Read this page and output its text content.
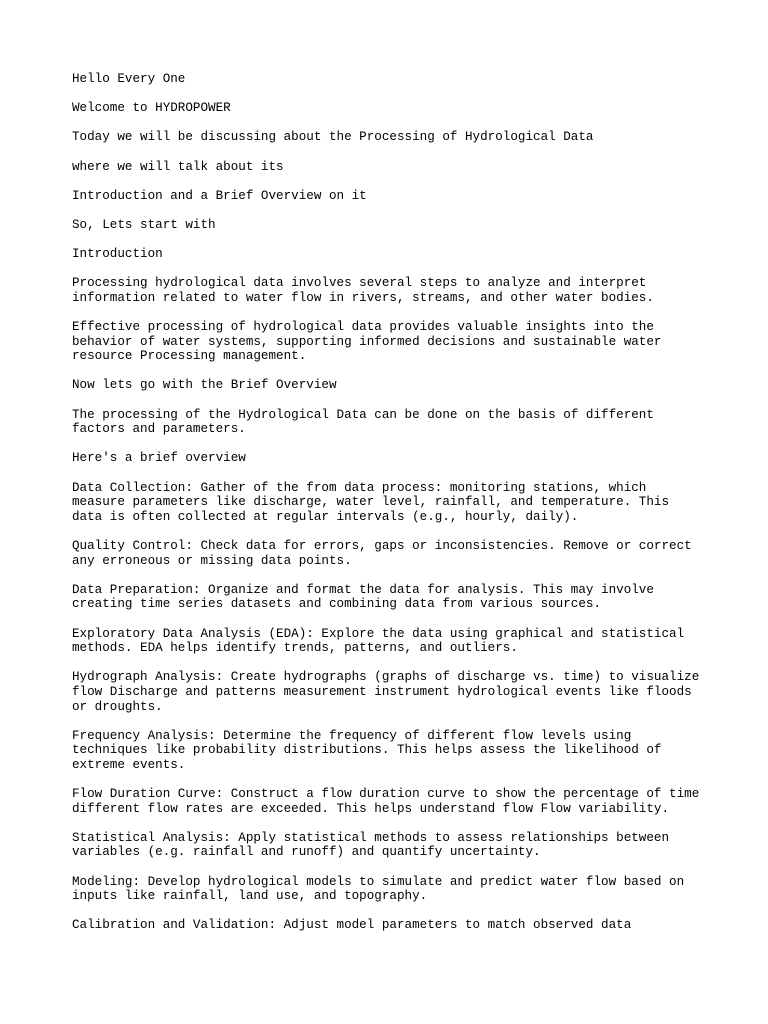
Hello Every One

Welcome to HYDROPOWER

Today we will be discussing about the Processing of Hydrological Data

where we will talk about its

Introduction and a Brief Overview on it

So, Lets start with

Introduction

Processing hydrological data involves several steps to analyze and interpret
information related to water flow in rivers, streams, and other water bodies.

Effective processing of hydrological data provides valuable insights into the
behavior of water systems, supporting informed decisions and sustainable water
resource Processing management.

Now lets go with the Brief Overview

The processing of the Hydrological Data can be done on the basis of different
factors and parameters.

Here's a brief overview

Data Collection: Gather of the from data process: monitoring stations, which
measure parameters like discharge, water level, rainfall, and temperature. This
data is often collected at regular intervals (e.g., hourly, daily).

Quality Control: Check data for errors, gaps or inconsistencies. Remove or correct
any erroneous or missing data points.

Data Preparation: Organize and format the data for analysis. This may involve
creating time series datasets and combining data from various sources.

Exploratory Data Analysis (EDA): Explore the data using graphical and statistical
methods. EDA helps identify trends, patterns, and outliers.

Hydrograph Analysis: Create hydrographs (graphs of discharge vs. time) to visualize
flow Discharge and patterns measurement instrument hydrological events like floods
or droughts.

Frequency Analysis: Determine the frequency of different flow levels using
techniques like probability distributions. This helps assess the likelihood of
extreme events.

Flow Duration Curve: Construct a flow duration curve to show the percentage of time
different flow rates are exceeded. This helps understand flow Flow variability.

Statistical Analysis: Apply statistical methods to assess relationships between
variables (e.g. rainfall and runoff) and quantify uncertainty.

Modeling: Develop hydrological models to simulate and predict water flow based on
inputs like rainfall, land use, and topography.

Calibration and Validation: Adjust model parameters to match observed data
